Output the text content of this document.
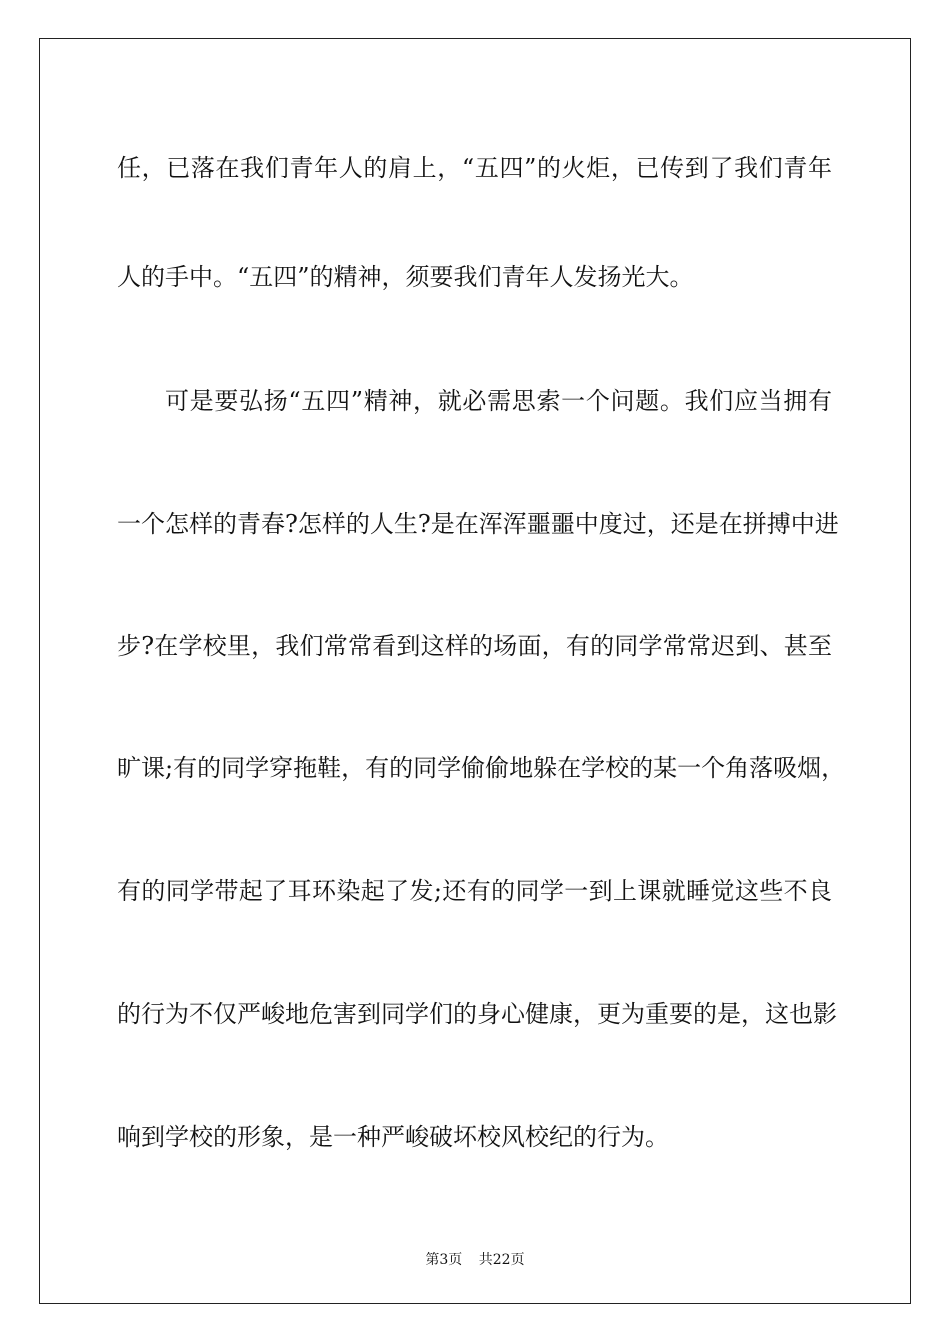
任，已落在我们青年人的肩上，“五四”的火炬，已传到了我们青年
人的手中。“五四”的精神，须要我们青年人发扬光大。
可是要弘扬“五四”精神，就必需思索一个问题。我们应当拥有
一个怎样的青春?怎样的人生?是在浑浑噩噩中度过，还是在拼搏中进
步?在学校里，我们常常看到这样的场面，有的同学常常迟到、甚至
旷课;有的同学穿拖鞋，有的同学偷偷地躲在学校的某一个角落吸烟，
有的同学带起了耳环染起了发;还有的同学一到上课就睡觉这些不良
的行为不仅严峻地危害到同学们的身心健康，更为重要的是，这也影
响到学校的形象，是一种严峻破坏校风校纪的行为。
第3页 共22页
